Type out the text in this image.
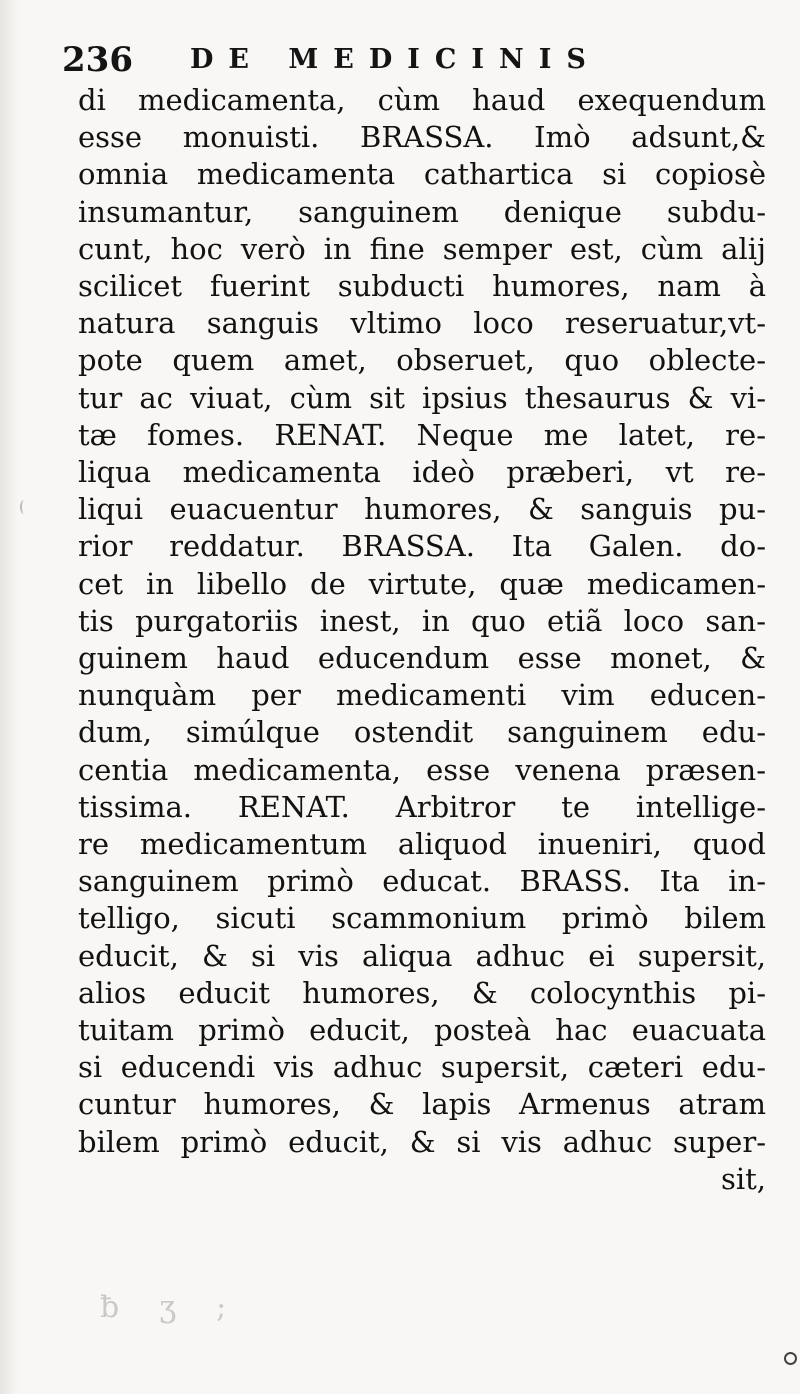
236 DE MEDICINIS
di medicamenta, cùm haud exequendum
esse monuisti. BRASSA. Imò adsunt,&
omnia medicamenta cathartica si copiosè
insumantur, sanguinem denique subdu-
cunt, hoc verò in fine semper est, cùm alij
scilicet fuerint subducti humores, nam à
natura sanguis vltimo loco reseruatur,vt-
pote quem amet, obseruet, quo oblecte-
tur ac viuat, cùm sit ipsius thesaurus & vi-
tæ fomes. RENAT. Neque me latet, re-
liqua medicamenta ideò præberi, vt re-
liqui euacuentur humores, & sanguis pu-
rior reddatur. BRASSA. Ita Galen. do-
cet in libello de virtute, quæ medicamen-
tis purgatoriis inest, in quo etiã loco san-
guinem haud educendum esse monet, &
nunquàm per medicamenti vim educen-
dum, simúlque ostendit sanguinem edu-
centia medicamenta, esse venena præsen-
tissima. RENAT. Arbitror te intellige-
re medicamentum aliquod inueniri, quod
sanguinem primò educat. BRASS. Ita in-
telligo, sicuti scammonium primò bilem
educit, & si vis aliqua adhuc ei supersit,
alios educit humores, & colocynthis pi-
tuitam primò educit, posteà hac euacuata
si educendi vis adhuc supersit, cæteri edu-
cuntur humores, & lapis Armenus atram
bilem primò educit, & si vis adhuc super-
sit,
ƀʒ;
